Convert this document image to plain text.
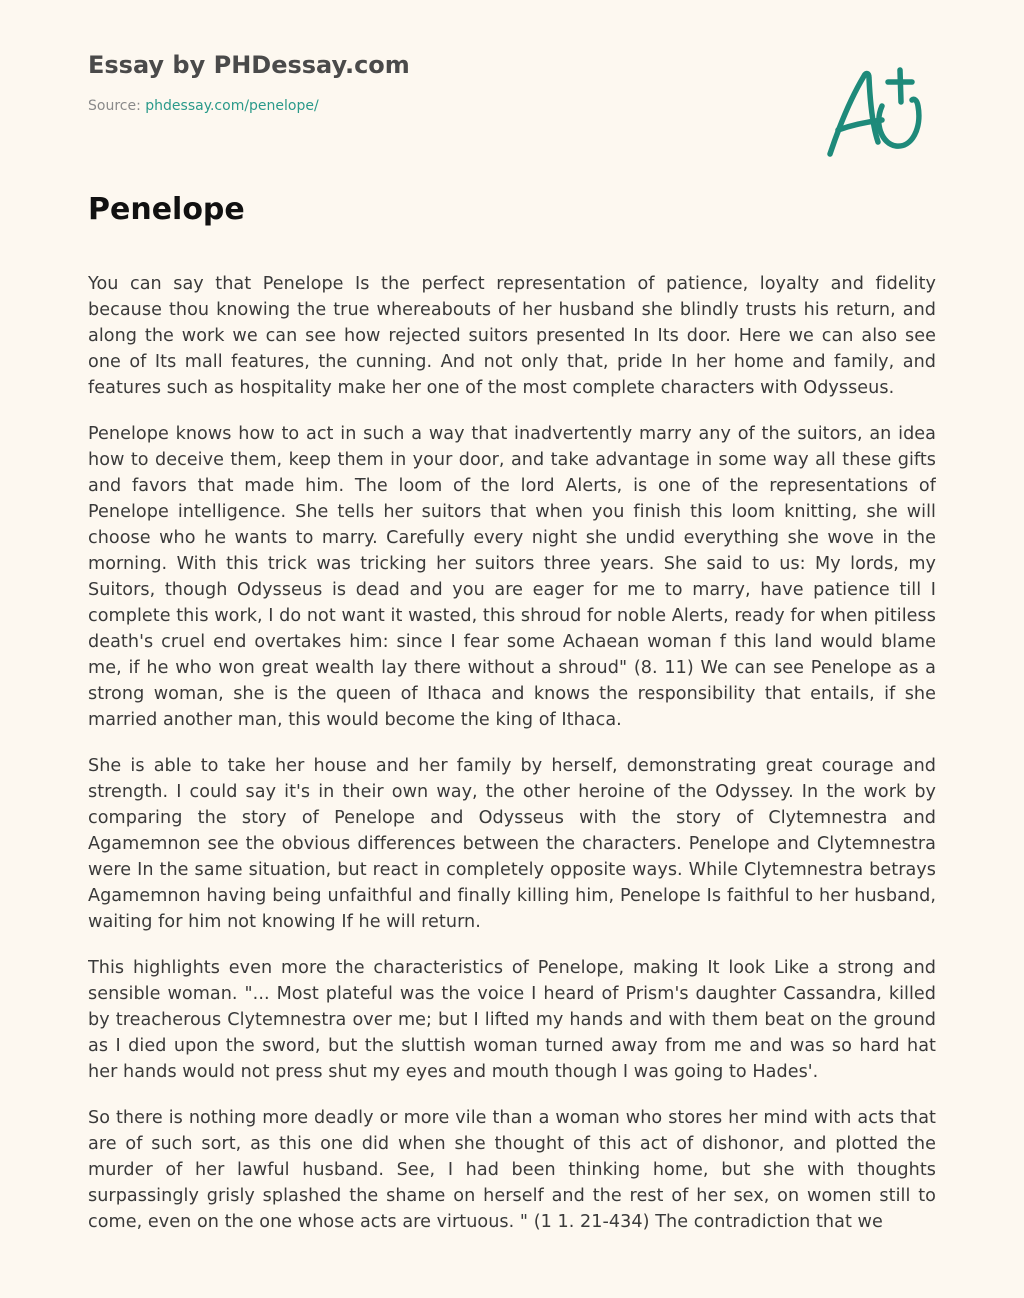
Essay by PHDessay.com
Source: phdessay.com/penelope/
Penelope

You can say that Penelope Is the perfect representation of patience, loyalty and fidelity because thou knowing the true whereabouts of her husband she blindly trusts his return, and along the work we can see how rejected suitors presented In Its door. Here we can also see one of Its mall features, the cunning. And not only that, pride In her home and family, and features such as hospitality make her one of the most complete characters with Odysseus.

Penelope knows how to act in such a way that inadvertently marry any of the suitors, an idea how to deceive them, keep them in your door, and take advantage in some way all these gifts and favors that made him. The loom of the lord Alerts, is one of the representations of Penelope intelligence. She tells her suitors that when you finish this loom knitting, she will choose who he wants to marry. Carefully every night she undid everything she wove in the morning. With this trick was tricking her suitors three years. She said to us: My lords, my Suitors, though Odysseus is dead and you are eager for me to marry, have patience till I complete this work, I do not want it wasted, this shroud for noble Alerts, ready for when pitiless death's cruel end overtakes him: since I fear some Achaean woman f this land would blame me, if he who won great wealth lay there without a shroud" (8. 11) We can see Penelope as a strong woman, she is the queen of Ithaca and knows the responsibility that entails, if she married another man, this would become the king of Ithaca.

She is able to take her house and her family by herself, demonstrating great courage and strength. I could say it's in their own way, the other heroine of the Odyssey. In the work by comparing the story of Penelope and Odysseus with the story of Clytemnestra and Agamemnon see the obvious differences between the characters. Penelope and Clytemnestra were In the same situation, but react in completely opposite ways. While Clytemnestra betrays Agamemnon having being unfaithful and finally killing him, Penelope Is faithful to her husband, waiting for him not knowing If he will return.

This highlights even more the characteristics of Penelope, making It look Like a strong and sensible woman. "... Most plateful was the voice I heard of Prism's daughter Cassandra, killed by treacherous Clytemnestra over me; but I lifted my hands and with them beat on the ground as I died upon the sword, but the sluttish woman turned away from me and was so hard hat her hands would not press shut my eyes and mouth though I was going to Hades'.

So there is nothing more deadly or more vile than a woman who stores her mind with acts that are of such sort, as this one did when she thought of this act of dishonor, and plotted the murder of her lawful husband. See, I had been thinking home, but she with thoughts surpassingly grisly splashed the shame on herself and the rest of her sex, on women still to come, even on the one whose acts are virtuous. " (1 1. 21-434) The contradiction that we
